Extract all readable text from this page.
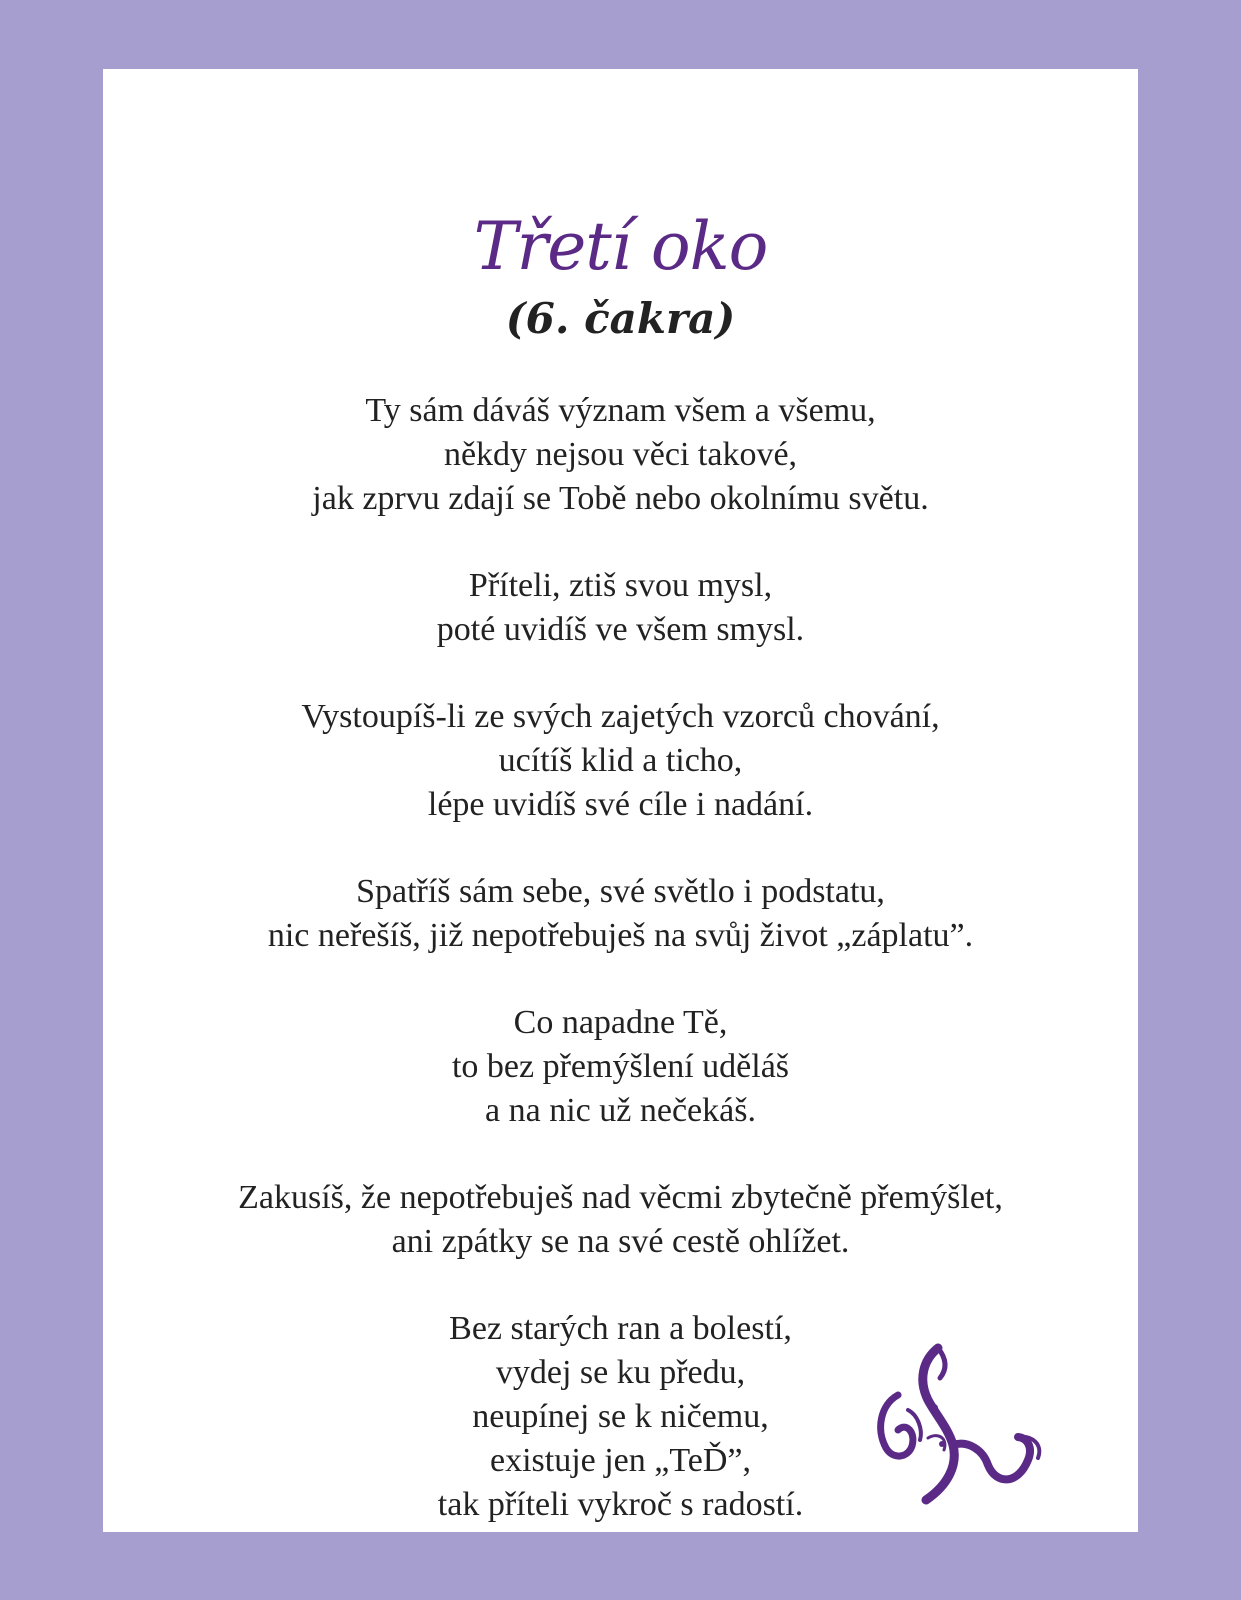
Třetí oko
(6. čakra)
Ty sám dáváš význam všem a všemu,
někdy nejsou věci takové,
jak zprvu zdají se Tobě nebo okolnímu světu.
Příteli, ztiš svou mysl,
poté uvidíš ve všem smysl.
Vystoupíš-li ze svých zajetých vzorců chování,
ucítíš klid a ticho,
lépe uvidíš své cíle i nadání.
Spatříš sám sebe, své světlo i podstatu,
nic neřešíš, již nepotřebuješ na svůj život „záplatu”.
Co napadne Tě,
to bez přemýšlení uděláš
a na nic už nečekáš.
Zakusíš, že nepotřebuješ nad věcmi zbytečně přemýšlet,
ani zpátky se na své cestě ohlížet.
Bez starých ran a bolestí,
vydej se ku předu,
neupínej se k ničemu,
existuje jen „TeĎ”,
tak příteli vykroč s radostí.
